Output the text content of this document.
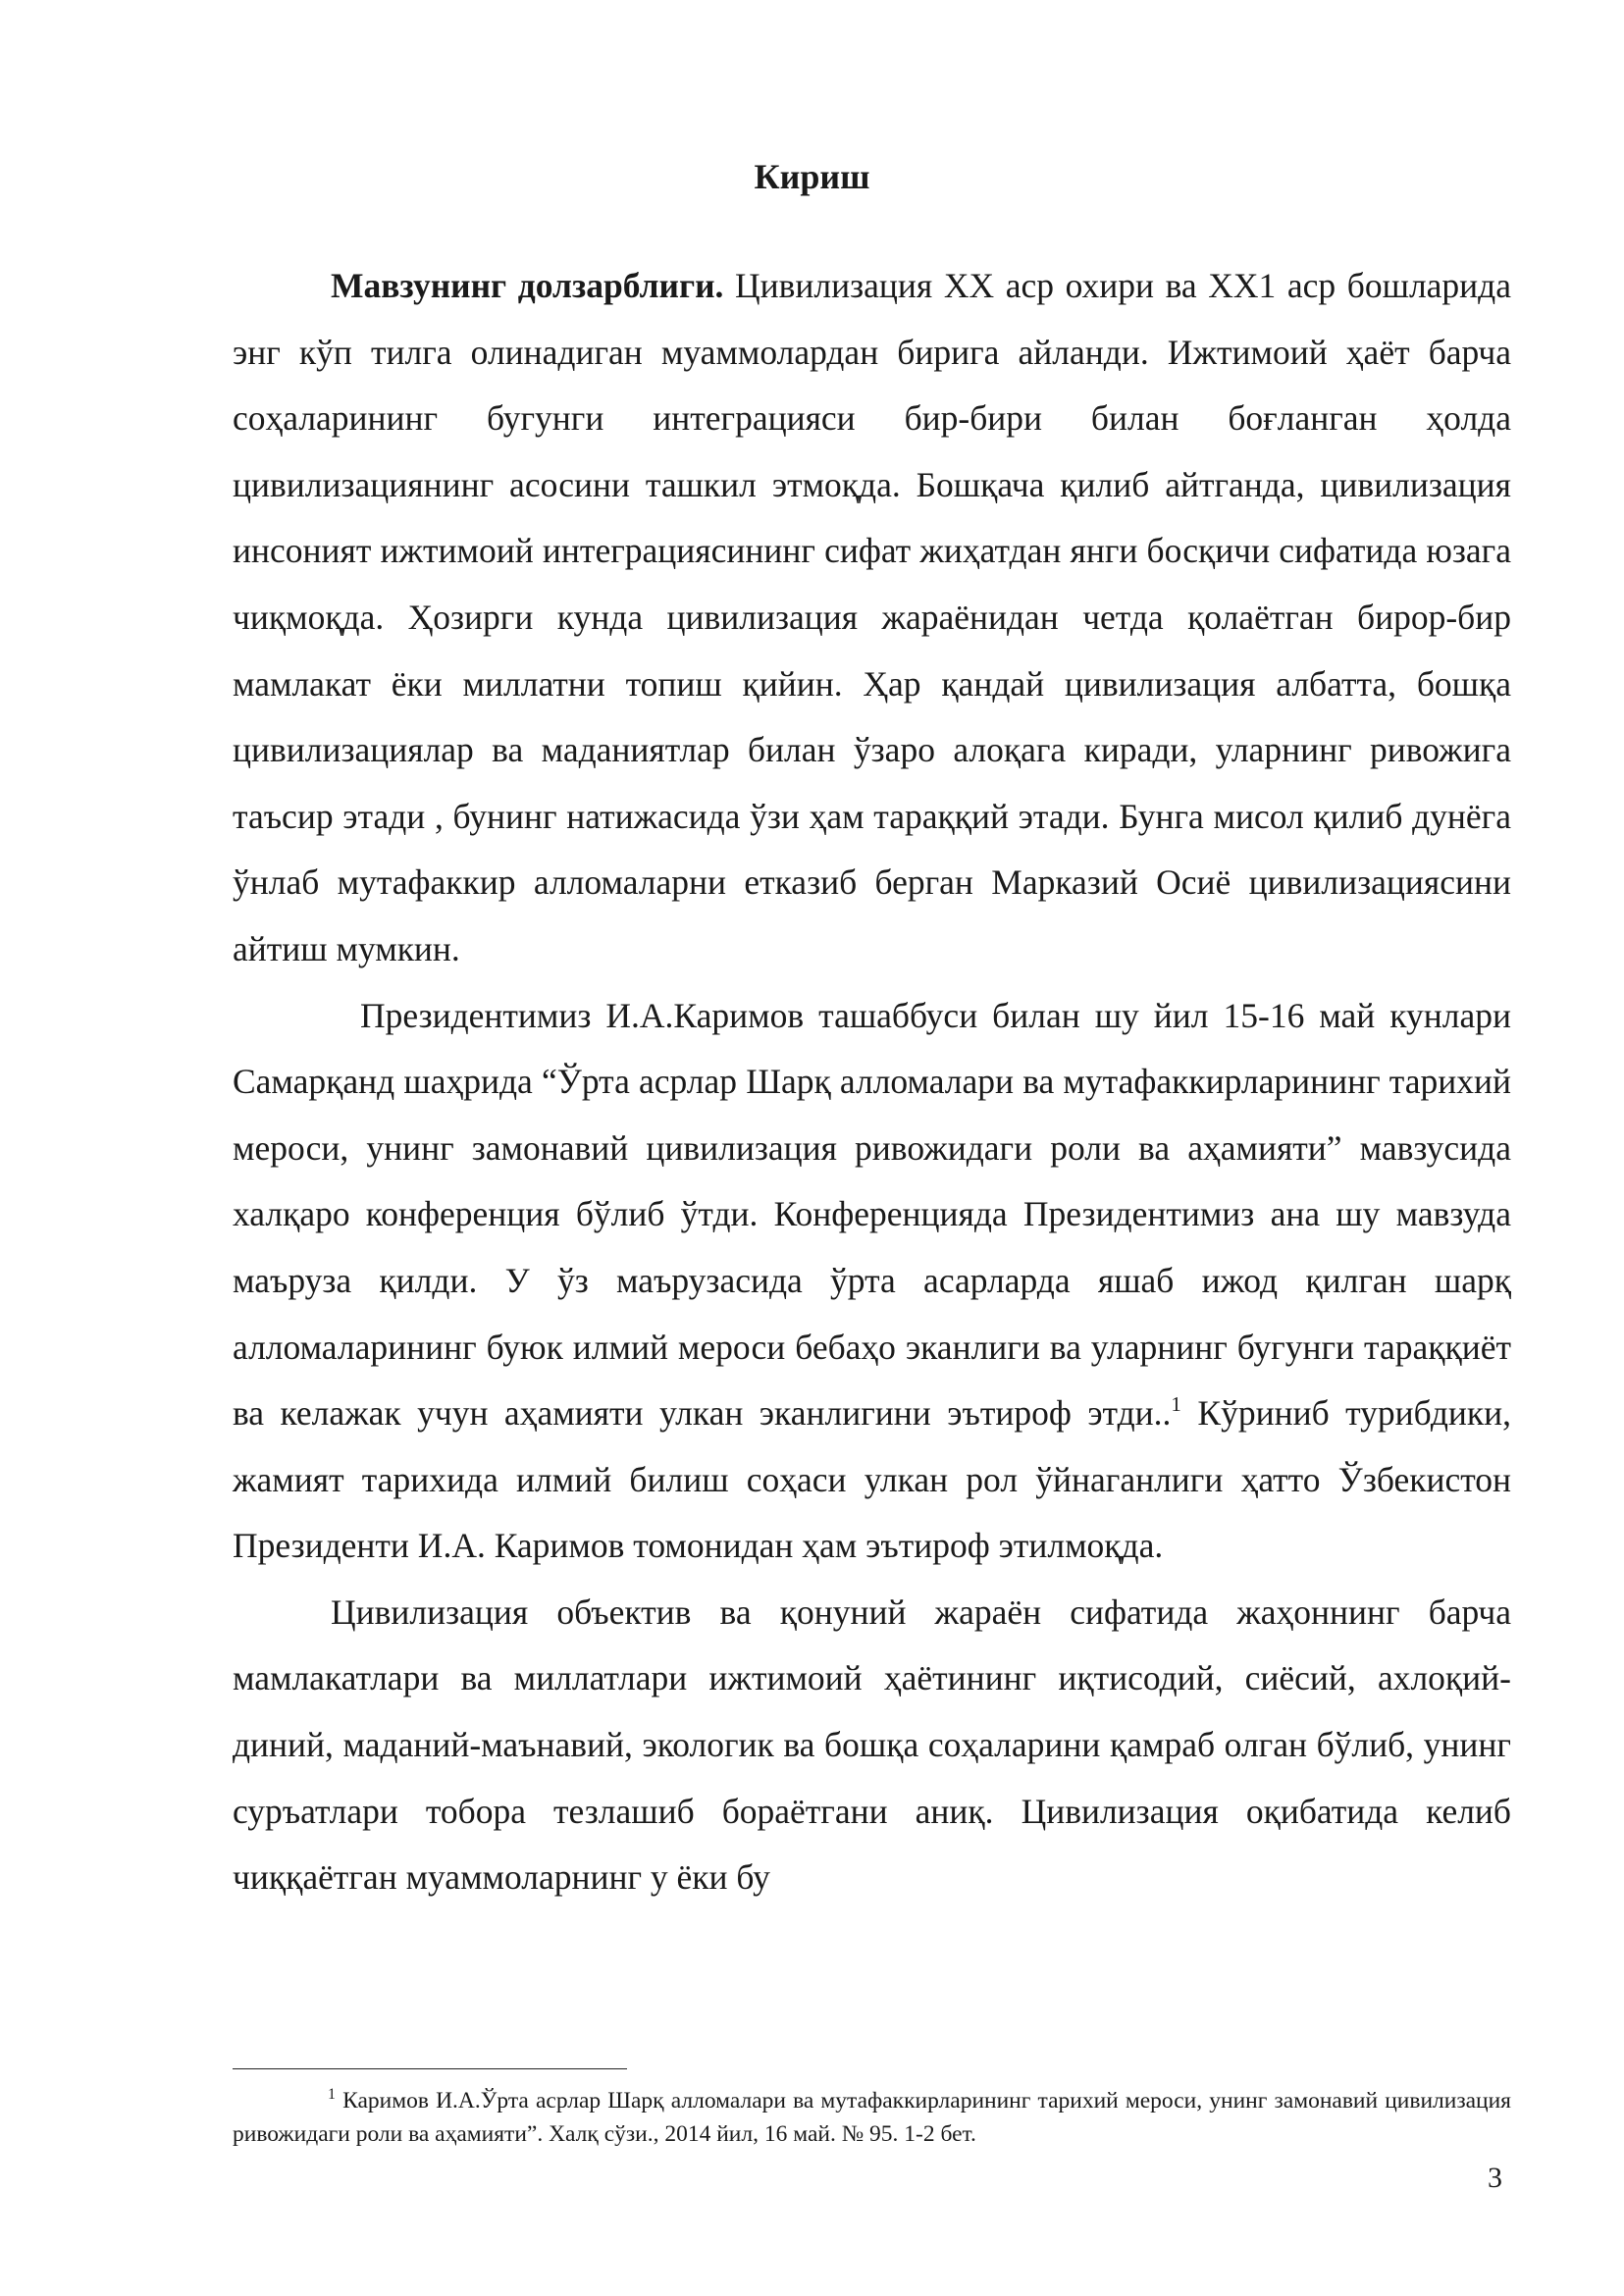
Кириш

Мавзунинг долзарблиги. Цивилизация XX аср охири ва XX1 аср бошларида энг кўп тилга олинадиган муаммолардан бирига айланди. Ижтимоий ҳаёт барча соҳаларининг бугунги интеграцияси бир-бири билан боғланган ҳолда цивилизациянинг асосини ташкил этмоқда. Бошқача қилиб айтганда, цивилизация инсоният ижтимоий интеграциясининг сифат жиҳатдан янги босқичи сифатида юзага чиқмоқда. Ҳозирги кунда цивилизация жараёнидан четда қолаётган бирор-бир мамлакат ёки миллатни топиш қийин. Ҳар қандай цивилизация албатта, бошқа цивилизациялар ва маданиятлар билан ўзаро алоқага киради, уларнинг ривожига таъсир этади , бунинг натижасида ўзи ҳам тараққий этади. Бунга мисол қилиб дунёга ўнлаб мутафаккир алломаларни етказиб берган Марказий Осиё цивилизациясини айтиш мумкин.

Президентимиз И.А.Каримов ташаббуси билан шу йил 15-16 май кунлари Самарқанд шаҳрида “Ўрта асрлар Шарқ алломалари ва мутафаккирларининг тарихий мероси, унинг замонавий цивилизация ривожидаги роли ва аҳамияти” мавзусида халқаро конференция бўлиб ўтди. Конференцияда Президентимиз ана шу мавзуда маъруза қилди. У ўз маърузасида ўрта асарларда яшаб ижод қилган шарқ алломаларининг буюк илмий мероси бебаҳо эканлиги ва уларнинг бугунги тараққиёт ва келажак учун аҳамияти улкан эканлигини эътироф этди..$^1$ Кўриниб турибдики, жамият тарихида илмий билиш соҳаси улкан рол ўйнаганлиги ҳатто Ўзбекистон Президенти И.А. Каримов томонидан ҳам эътироф этилмоқда.

Цивилизация объектив ва қонуний жараён сифатида жаҳоннинг барча мамлакатлари ва миллатлари ижтимоий ҳаётининг иқтисодий, сиёсий, ахлоқий-диний, маданий-маънавий, экологик ва бошқа соҳаларини қамраб олган бўлиб, унинг суръатлари тобора тезлашиб бораётгани аниқ. Цивилизация оқибатида келиб чиққаётган муаммоларнинг у ёки бу

$^1$ Каримов И.А.Ўрта асрлар Шарқ алломалари ва мутафаккирларининг тарихий мероси, унинг замонавий цивилизация ривожидаги роли ва аҳамияти”. Халқ сўзи., 2014 йил, 16 май. № 95. 1-2 бет.

3
